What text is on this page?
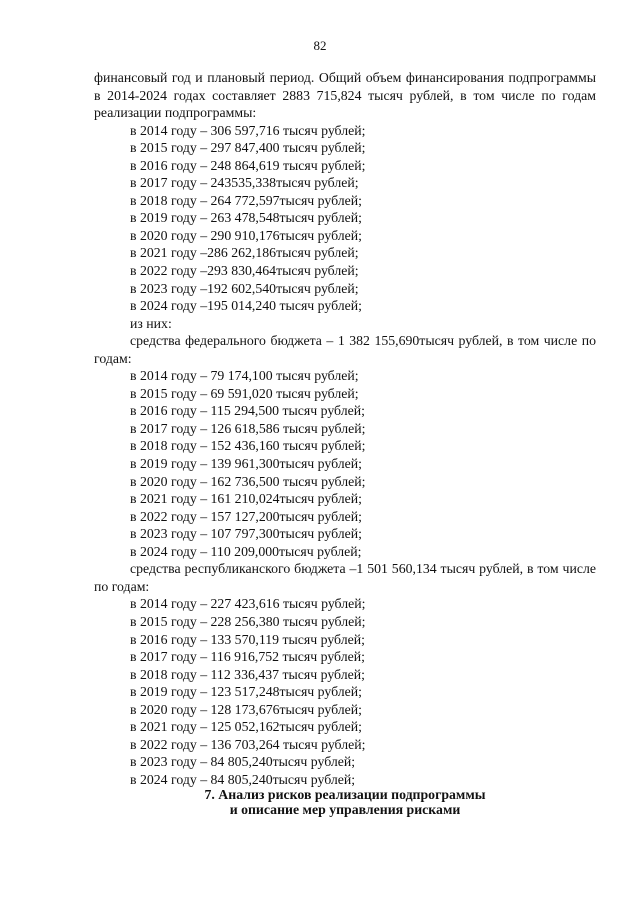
82

финансовый год и плановый период. Общий объем финансирования подпрограммы в 2014-2024 годах составляет 2883 715,824 тысяч рублей, в том числе по годам реализации подпрограммы:

в 2014 году – 306 597,716 тысяч рублей;

в 2015 году – 297 847,400 тысяч рублей;

в 2016 году – 248 864,619 тысяч рублей;

в 2017 году – 243535,338тысяч рублей;

в 2018 году – 264 772,597тысяч рублей;

в 2019 году – 263 478,548тысяч рублей;

в 2020 году – 290 910,176тысяч рублей;

в 2021 году –286 262,186тысяч рублей;

в 2022 году –293 830,464тысяч рублей;

в 2023 году –192 602,540тысяч рублей;

в 2024 году –195 014,240 тысяч рублей;

из них:

средства федерального бюджета – 1 382 155,690тысяч рублей, в том числе по годам:

в 2014 году – 79 174,100 тысяч рублей;

в 2015 году – 69 591,020 тысяч рублей;

в 2016 году – 115 294,500 тысяч рублей;

в 2017 году – 126 618,586 тысяч рублей;

в 2018 году – 152 436,160 тысяч рублей;

в 2019 году – 139 961,300тысяч рублей;

в 2020 году – 162 736,500 тысяч рублей;

в 2021 году – 161 210,024тысяч рублей;

в 2022 году – 157 127,200тысяч рублей;

в 2023 году – 107 797,300тысяч рублей;

в 2024 году – 110 209,000тысяч рублей;

средства республиканского бюджета –1 501 560,134 тысяч рублей, в том числе по годам:

в 2014 году – 227 423,616 тысяч рублей;

в 2015 году – 228 256,380 тысяч рублей;

в 2016 году – 133 570,119 тысяч рублей;

в 2017 году – 116 916,752 тысяч рублей;

в 2018 году – 112 336,437 тысяч рублей;

в 2019 году – 123 517,248тысяч рублей;

в 2020 году – 128 173,676тысяч рублей;

в 2021 году – 125 052,162тысяч рублей;

в 2022 году – 136 703,264 тысяч рублей;

в 2023 году – 84 805,240тысяч рублей;

в 2024 году – 84 805,240тысяч рублей;

7. Анализ рисков реализации подпрограммы
и описание мер управления рисками
